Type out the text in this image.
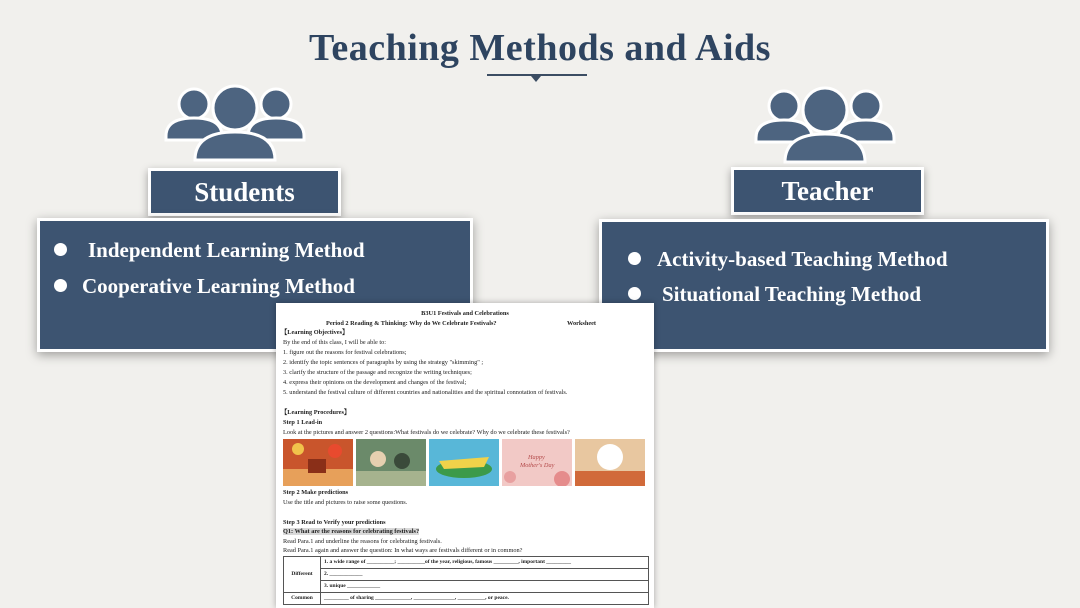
Teaching Methods and Aids
Students	Teacher
Independent Learning Method
Cooperative Learning Method
Activity-based Teaching Method
Situational Teaching Method
B3U1 Festivals and Celebrations
Period 2 Reading & Thinking: Why do We Celebrate Festivals?	Worksheet
【Learning Objectives】
By the end of this class, I will be able to:
1. figure out the reasons for festival celebrations;
2. identify the topic sentences of paragraphs by using the strategy "skimming" ;
3. clarify the structure of the passage and recognize the writing techniques;
4. express their opinions on the development and changes of the festival;
5. understand the festival culture of different countries and nationalities and the spiritual connotation of festivals.
【Learning Procedures】
Step 1 Lead-in
Look at the pictures and answer 2 questions:What festivals do we celebrate? Why do we celebrate these festivals?
Happy
Mother's Day
Step 2 Make predictions
Use the title and pictures to raise some questions.
Step 3 Read to Verify your predictions
Q1: What are the reasons for celebrating festivals?
Read Para.1 and underline the reasons for celebrating festivals.
Read Para.1 again and answer the question: In what ways are festivals different or in common?
Different	1. a wide range of __________; __________of the year, religious, famous _________, important _________
	2. ____________
	3. unique ____________
Common	_________ of sharing _____________, _______________, __________, or peace.
